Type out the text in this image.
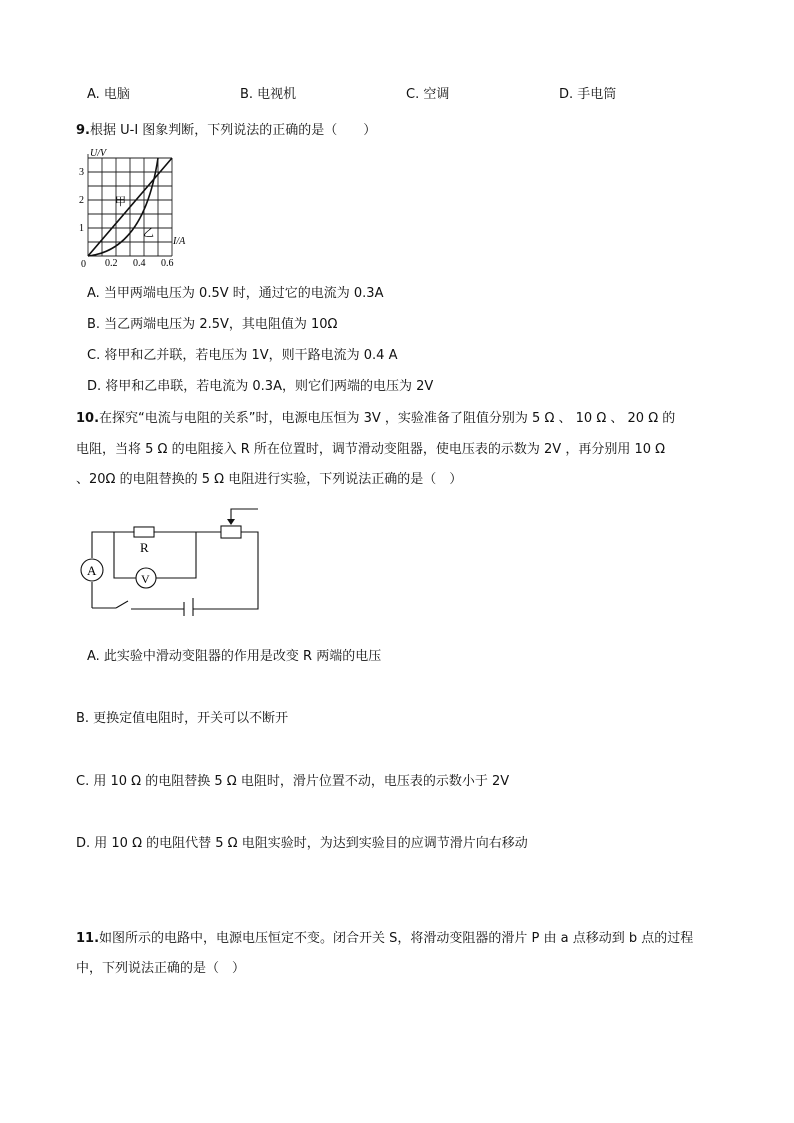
A. 电脑	B. 电视机	C. 空调	D. 手电筒
9.根据 U-I 图象判断，下列说法的正确的是（　　）
U/V
I/A
0
1
2
3
0.2 0.4 0.6
甲
乙
A. 当甲两端电压为 0.5V 时，通过它的电流为 0.3A
B. 当乙两端电压为 2.5V，其电阻值为 10Ω
C. 将甲和乙并联，若电压为 1V，则干路电流为 0.4 A
D. 将甲和乙串联，若电流为 0.3A，则它们两端的电压为 2V
10.在探究“电流与电阻的关系”时，电源电压恒为 3V ，实验准备了阻值分别为 5 Ω 、 10 Ω 、 20 Ω 的
电阻，当将 5 Ω 的电阻接入 R 所在位置时，调节滑动变阻器，使电压表的示数为 2V ，再分别用 10 Ω
、20Ω 的电阻替换的 5 Ω 电阻进行实验，下列说法正确的是（　）
R
A
V
A. 此实验中滑动变阻器的作用是改变 R 两端的电压
B. 更换定值电阻时，开关可以不断开
C. 用 10 Ω 的电阻替换 5 Ω 电阻时，滑片位置不动，电压表的示数小于 2V
D. 用 10 Ω 的电阻代替 5 Ω 电阻实验时，为达到实验目的应调节滑片向右移动
11.如图所示的电路中，电源电压恒定不变。闭合开关 S，将滑动变阻器的滑片 P 由 a 点移动到 b 点的过程
中，下列说法正确的是（　）
